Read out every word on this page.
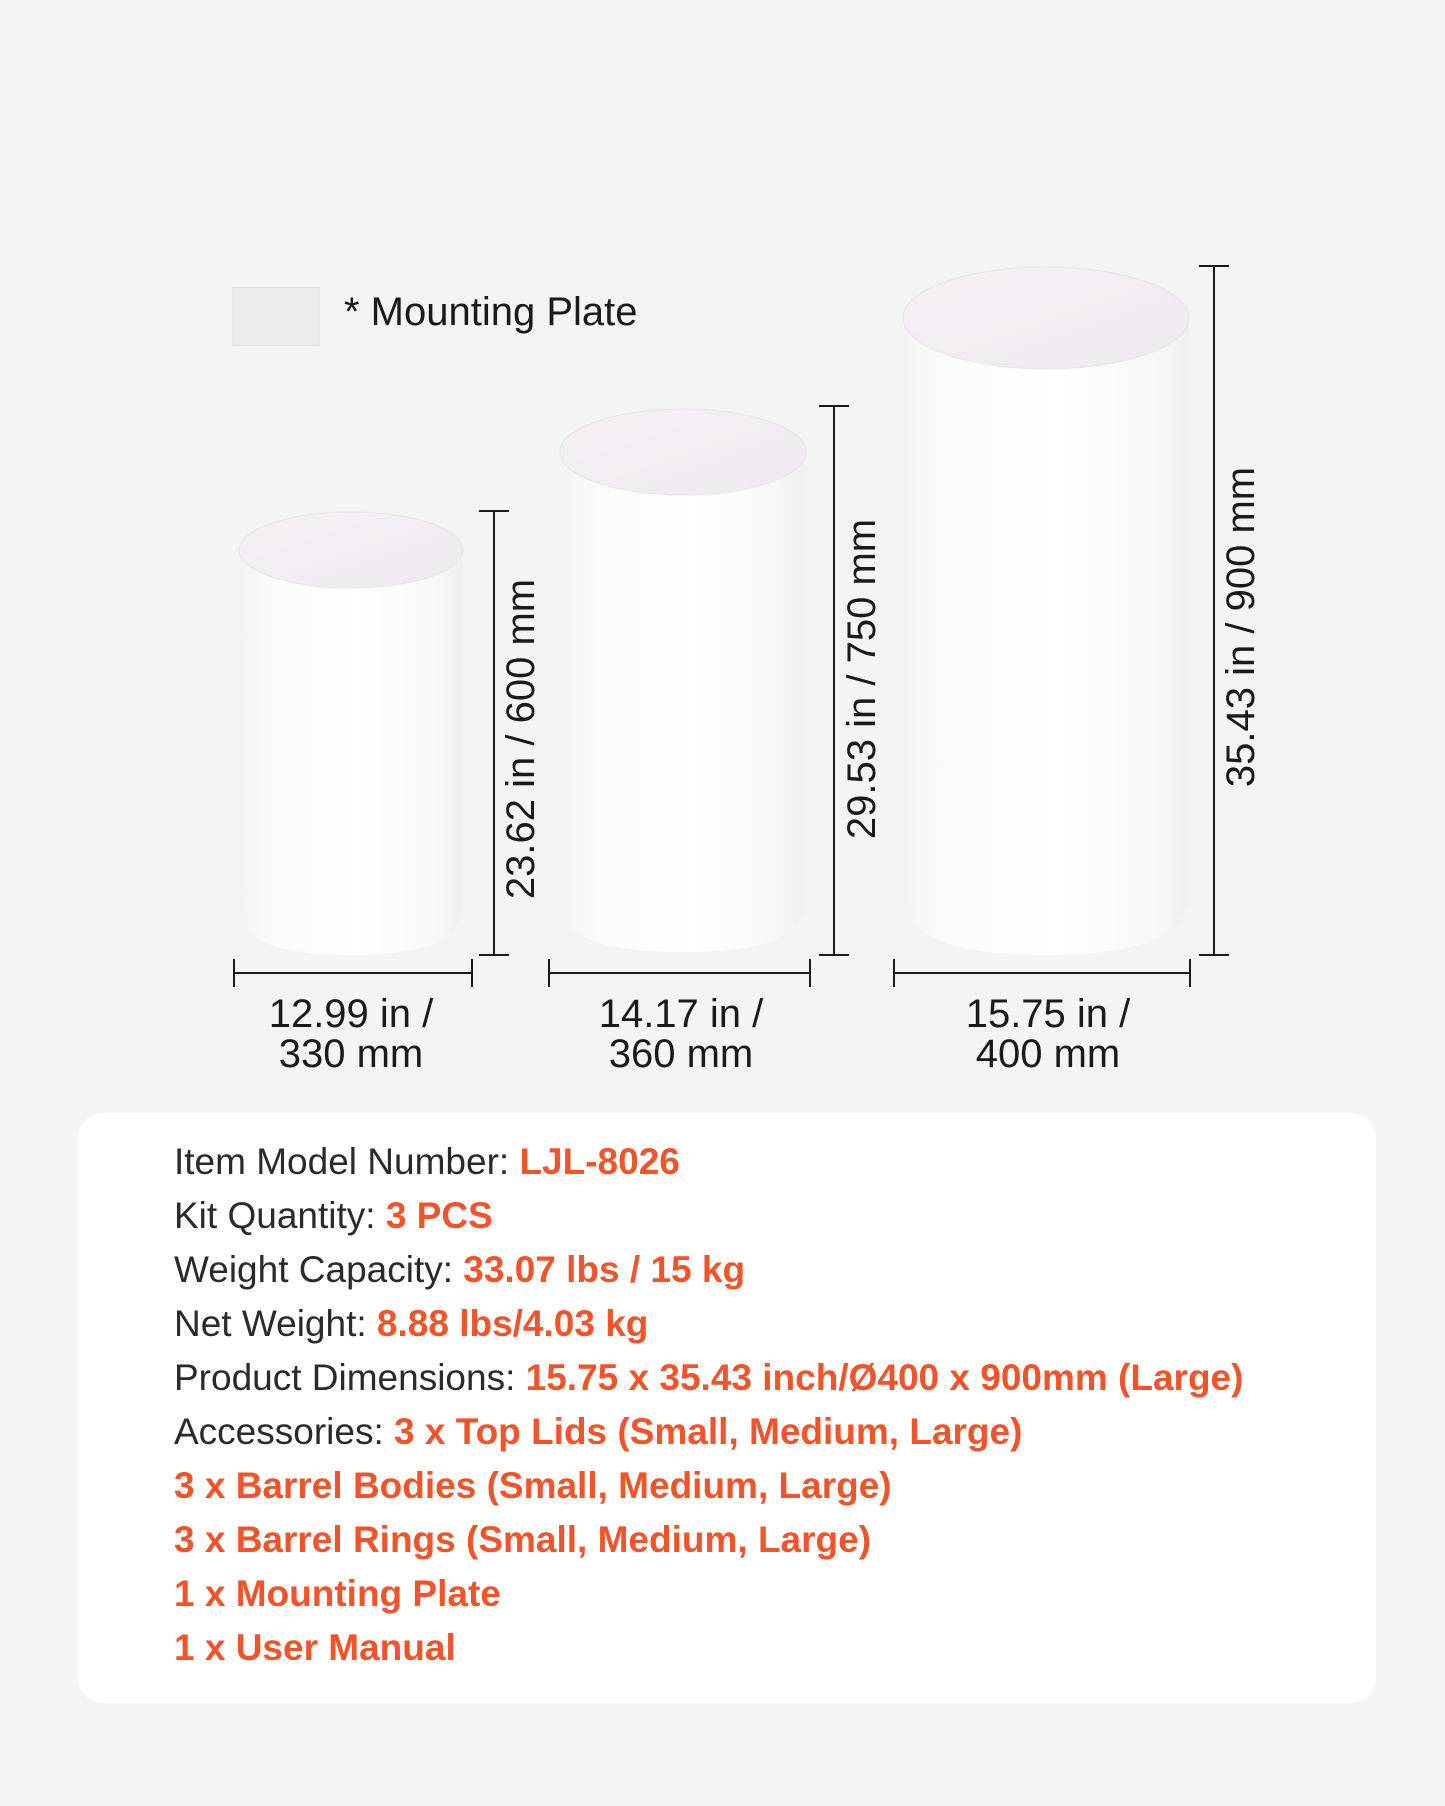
* Mounting Plate
12.99 in /
330 mm
14.17 in /
360 mm
15.75 in /
400 mm
23.62 in / 600 mm	29.53 in / 750 mm	35.43 in / 900 mm
Item Model Number: LJL-8026
Kit Quantity: 3 PCS
Weight Capacity: 33.07 lbs / 15 kg
Net Weight: 8.88 lbs/4.03 kg
Product Dimensions: 15.75 x 35.43 inch/Ø400 x 900mm (Large)
Accessories: 3 x Top Lids (Small, Medium, Large)
3 x Barrel Bodies (Small, Medium, Large)
3 x Barrel Rings (Small, Medium, Large)
1 x Mounting Plate
1 x User Manual
